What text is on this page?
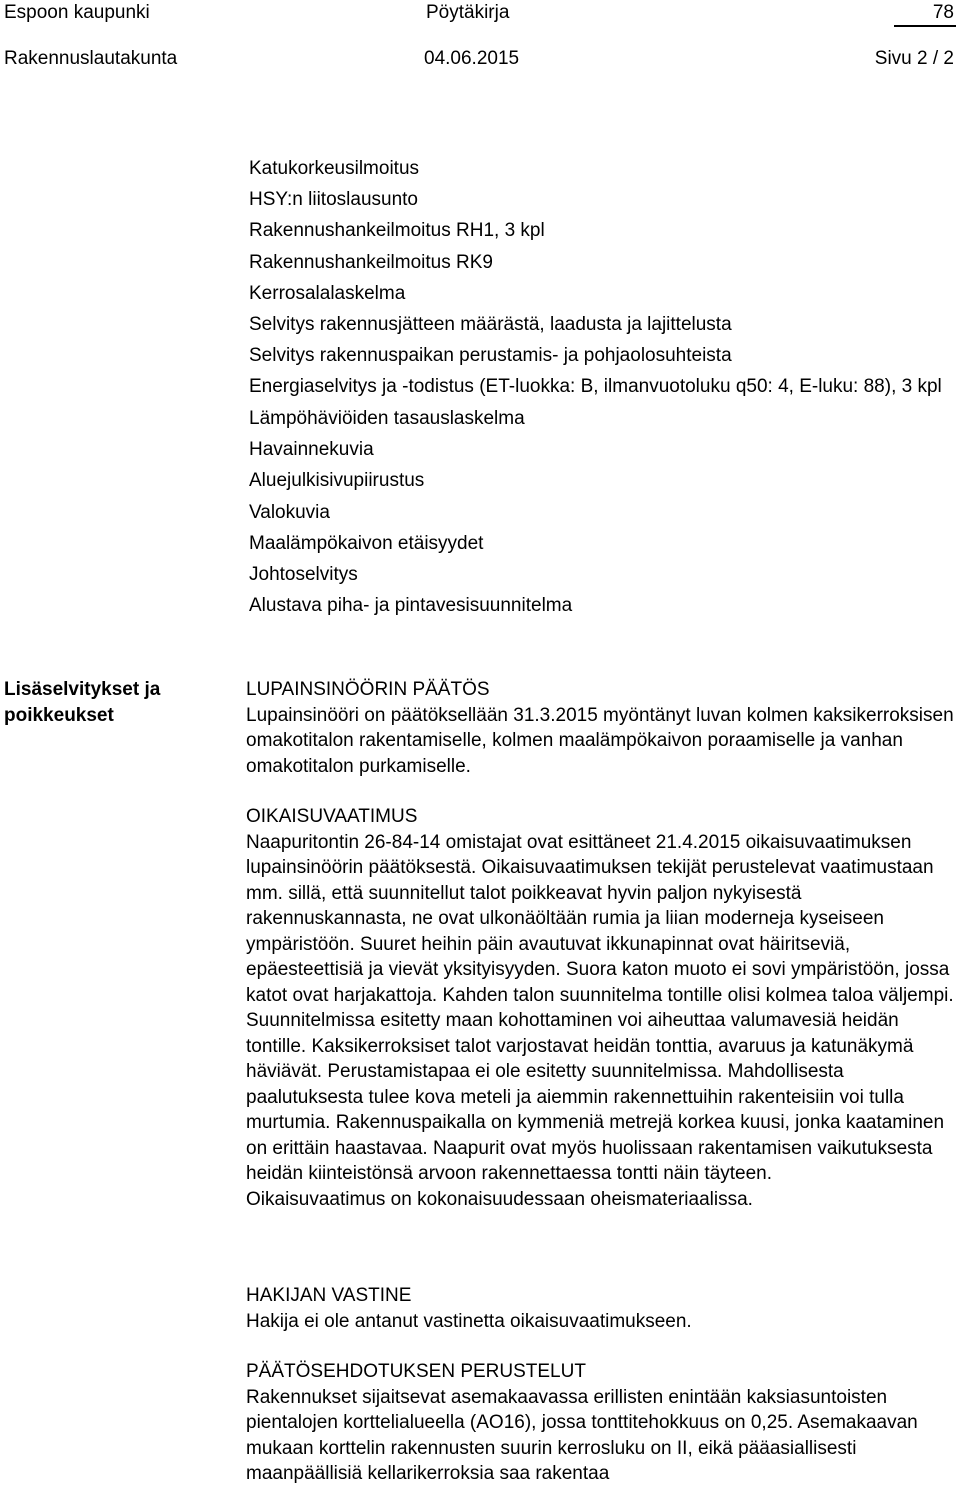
Espoon kaupunki	Pöytäkirja	78
Rakennuslautakunta	04.06.2015	Sivu 2 / 2
Katukorkeusilmoitus
HSY:n liitoslausunto
Rakennushankeilmoitus RH1, 3 kpl
Rakennushankeilmoitus RK9
Kerrosalalaskelma
Selvitys rakennusjätteen määrästä, laadusta ja lajittelusta
Selvitys rakennuspaikan perustamis- ja pohjaolosuhteista
Energiaselvitys ja -todistus (ET-luokka: B, ilmanvuotoluku q50: 4, E-luku: 88), 3 kpl
Lämpöhäviöiden tasauslaskelma
Havainnekuvia
Aluejulkisivupiirustus
Valokuvia
Maalämpökaivon etäisyydet
Johtoselvitys
Alustava piha- ja pintavesisuunnitelma
Lisäselvitykset ja poikkeukset
LUPAINSINÖÖRIN PÄÄTÖS
Lupainsinööri on päätöksellään 31.3.2015 myöntänyt luvan kolmen kaksikerroksisen omakotitalon rakentamiselle, kolmen maalämpökaivon poraamiselle ja vanhan omakotitalon purkamiselle.
OIKAISUVAATIMUS
Naapuritontin 26-84-14 omistajat ovat esittäneet 21.4.2015 oikaisuvaatimuksen lupainsinöörin päätöksestä. Oikaisuvaatimuksen tekijät perustelevat vaatimustaan mm. sillä, että suunnitellut talot poikkeavat hyvin paljon nykyisestä rakennuskannasta, ne ovat ulkonäöltään rumia ja liian moderneja kyseiseen ympäristöön. Suuret heihin päin avautuvat ikkunapinnat ovat häiritseviä, epäesteettisiä ja vievät yksityisyyden. Suora katon muoto ei sovi ympäristöön, jossa katot ovat harjakattoja. Kahden talon suunnitelma tontille olisi kolmea taloa väljempi. Suunnitelmissa esitetty maan kohottaminen voi aiheuttaa valumavesiä heidän tontille. Kaksikerroksiset talot varjostavat heidän tonttia, avaruus ja katunäkymä häviävät. Perustamistapaa ei ole esitetty suunnitelmissa. Mahdollisesta paalutuksesta tulee kova meteli ja aiemmin rakennettuihin rakenteisiin voi tulla murtumia. Rakennuspaikalla on kymmeniä metrejä korkea kuusi, jonka kaataminen on erittäin haastavaa. Naapurit ovat myös huolissaan rakentamisen vaikutuksesta heidän kiinteistönsä arvoon rakennettaessa tontti näin täyteen.
Oikaisuvaatimus on kokonaisuudessaan oheismateriaalissa.
HAKIJAN VASTINE
Hakija ei ole antanut vastinetta oikaisuvaatimukseen.
PÄÄTÖSEHDOTUKSEN PERUSTELUT
Rakennukset sijaitsevat asemakaavassa erillisten enintään kaksiasuntoisten pientalojen korttelialueella (AO16), jossa tonttitehokkuus on 0,25. Asemakaavan mukaan korttelin rakennusten suurin kerrosluku on II, eikä pääasiallisesti maanpäällisiä kellarikerroksia saa rakentaa
